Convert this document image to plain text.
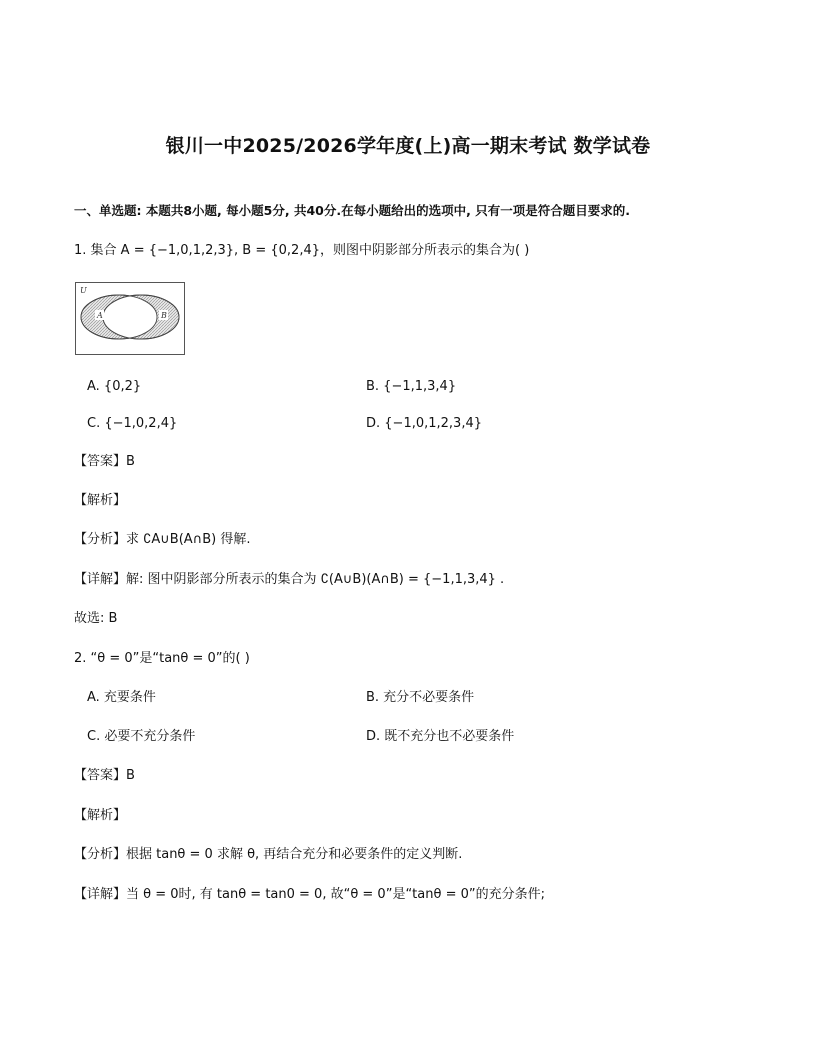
银川一中2025/2026学年度(上)高一期末考试 数学试卷
一、单选题: 本题共8小题, 每小题5分, 共40分.在每小题给出的选项中, 只有一项是符合题目要求的.
1. 集合 A = {−1,0,1,2,3}, B = {0,2,4}，则图中阴影部分所表示的集合为( )
U
A	B
A. {0,2}	B. {−1,1,3,4}
C. {−1,0,2,4}	D. {−1,0,1,2,3,4}
【答案】B
【解析】
【分析】求 ∁A∪B(A∩B) 得解.
【详解】解: 图中阴影部分所表示的集合为 ∁(A∪B)(A∩B) = {−1,1,3,4} .
故选: B
2. “θ = 0”是“tanθ = 0”的( )
A. 充要条件	B. 充分不必要条件
C. 必要不充分条件	D. 既不充分也不必要条件
【答案】B
【解析】
【分析】根据 tanθ = 0 求解 θ, 再结合充分和必要条件的定义判断.
【详解】当 θ = 0时, 有 tanθ = tan0 = 0, 故“θ = 0”是“tanθ = 0”的充分条件;
